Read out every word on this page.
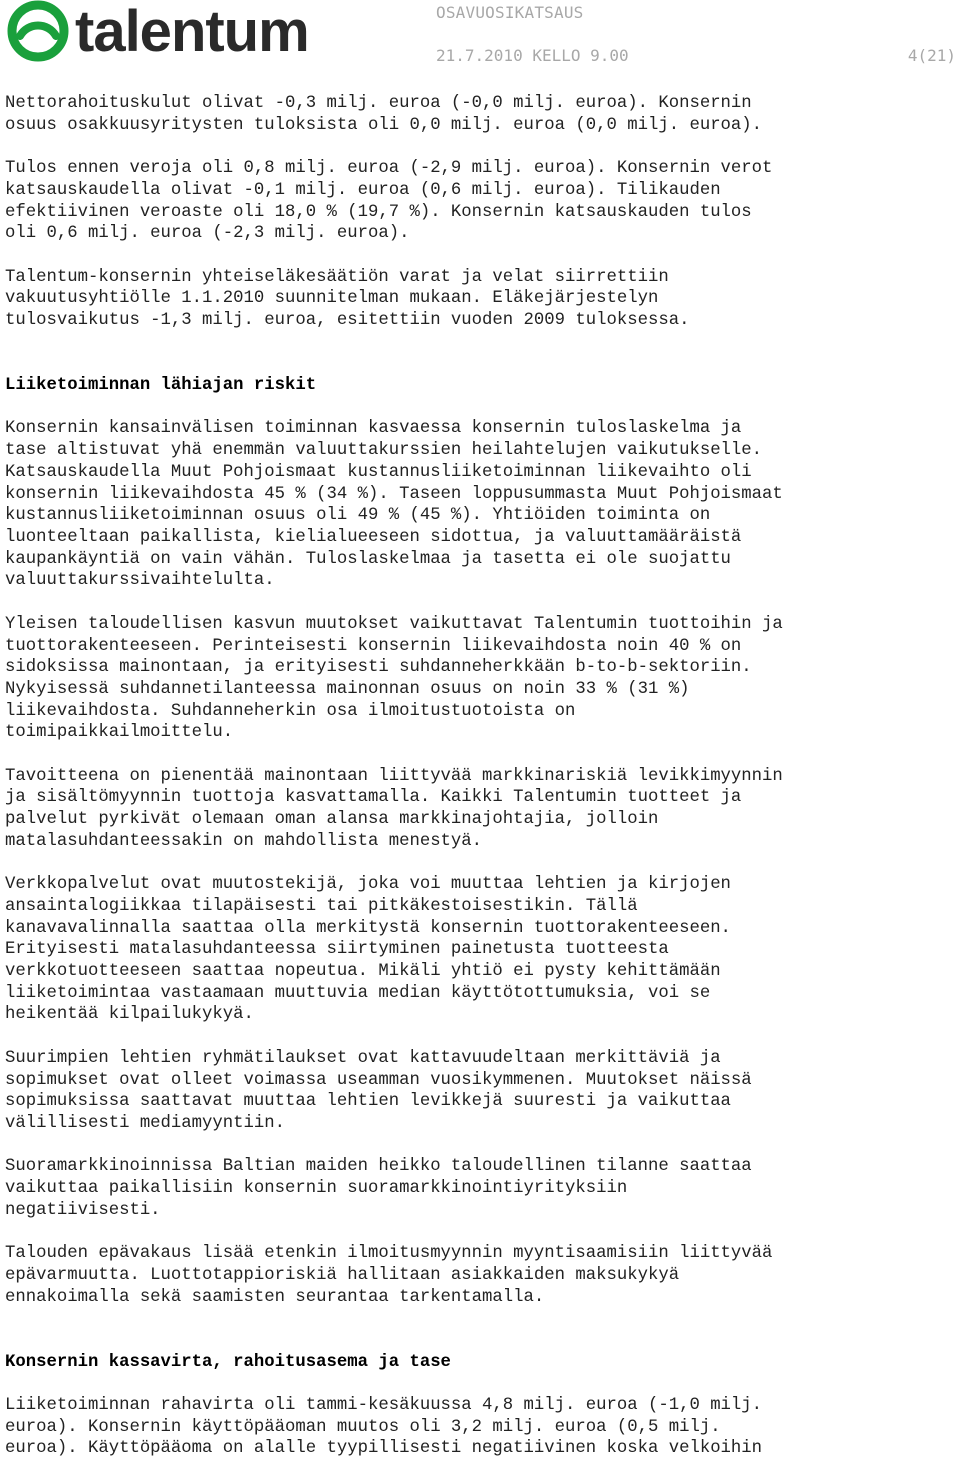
talentum	OSAVUOSIKATSAUS
21.7.2010 KELLO 9.00	4(21)

Nettorahoituskulut olivat -0,3 milj. euroa (-0,0 milj. euroa). Konsernin
osuus osakkuusyritysten tuloksista oli 0,0 milj. euroa (0,0 milj. euroa).

Tulos ennen veroja oli 0,8 milj. euroa (-2,9 milj. euroa). Konsernin verot
katsauskaudella olivat -0,1 milj. euroa (0,6 milj. euroa). Tilikauden
efektiivinen veroaste oli 18,0 % (19,7 %). Konsernin katsauskauden tulos
oli 0,6 milj. euroa (-2,3 milj. euroa).

Talentum-konsernin yhteiseläkesäätiön varat ja velat siirrettiin
vakuutusyhtiölle 1.1.2010 suunnitelman mukaan. Eläkejärjestelyn
tulosvaikutus -1,3 milj. euroa, esitettiin vuoden 2009 tuloksessa.

Liiketoiminnan lähiajan riskit

Konsernin kansainvälisen toiminnan kasvaessa konsernin tuloslaskelma ja
tase altistuvat yhä enemmän valuuttakurssien heilahtelujen vaikutukselle.
Katsauskaudella Muut Pohjoismaat kustannusliiketoiminnan liikevaihto oli
konsernin liikevaihdosta 45 % (34 %). Taseen loppusummasta Muut Pohjoismaat
kustannusliiketoiminnan osuus oli 49 % (45 %). Yhtiöiden toiminta on
luonteeltaan paikallista, kielialueeseen sidottua, ja valuuttamääräistä
kaupankäyntiä on vain vähän. Tuloslaskelmaa ja tasetta ei ole suojattu
valuuttakurssivaihtelulta.

Yleisen taloudellisen kasvun muutokset vaikuttavat Talentumin tuottoihin ja
tuottorakenteeseen. Perinteisesti konsernin liikevaihdosta noin 40 % on
sidoksissa mainontaan, ja erityisesti suhdanneherkkään b-to-b-sektoriin.
Nykyisessä suhdannetilanteessa mainonnan osuus on noin 33 % (31 %)
liikevaihdosta. Suhdanneherkin osa ilmoitustuotoista on
toimipaikkailmoittelu.

Tavoitteena on pienentää mainontaan liittyvää markkinariskiä levikkimyynnin
ja sisältömyynnin tuottoja kasvattamalla. Kaikki Talentumin tuotteet ja
palvelut pyrkivät olemaan oman alansa markkinajohtajia, jolloin
matalasuhdanteessakin on mahdollista menestyä.

Verkkopalvelut ovat muutostekijä, joka voi muuttaa lehtien ja kirjojen
ansaintalogiikkaa tilapäisesti tai pitkäkestoisestikin. Tällä
kanavavalinnalla saattaa olla merkitystä konsernin tuottorakenteeseen.
Erityisesti matalasuhdanteessa siirtyminen painetusta tuotteesta
verkkotuotteeseen saattaa nopeutua. Mikäli yhtiö ei pysty kehittämään
liiketoimintaa vastaamaan muuttuvia median käyttötottumuksia, voi se
heikentää kilpailukykyä.

Suurimpien lehtien ryhmätilaukset ovat kattavuudeltaan merkittäviä ja
sopimukset ovat olleet voimassa useamman vuosikymmenen. Muutokset näissä
sopimuksissa saattavat muuttaa lehtien levikkejä suuresti ja vaikuttaa
välillisesti mediamyyntiin.

Suoramarkkinoinnissa Baltian maiden heikko taloudellinen tilanne saattaa
vaikuttaa paikallisiin konsernin suoramarkkinointiyrityksiin
negatiivisesti.

Talouden epävakaus lisää etenkin ilmoitusmyynnin myyntisaamisiin liittyvää
epävarmuutta. Luottotappioriskiä hallitaan asiakkaiden maksukykyä
ennakoimalla sekä saamisten seurantaa tarkentamalla.

Konsernin kassavirta, rahoitusasema ja tase

Liiketoiminnan rahavirta oli tammi-kesäkuussa 4,8 milj. euroa (-1,0 milj.
euroa). Konsernin käyttöpääoman muutos oli 3,2 milj. euroa (0,5 milj.
euroa). Käyttöpääoma on alalle tyypillisesti negatiivinen koska velkoihin
